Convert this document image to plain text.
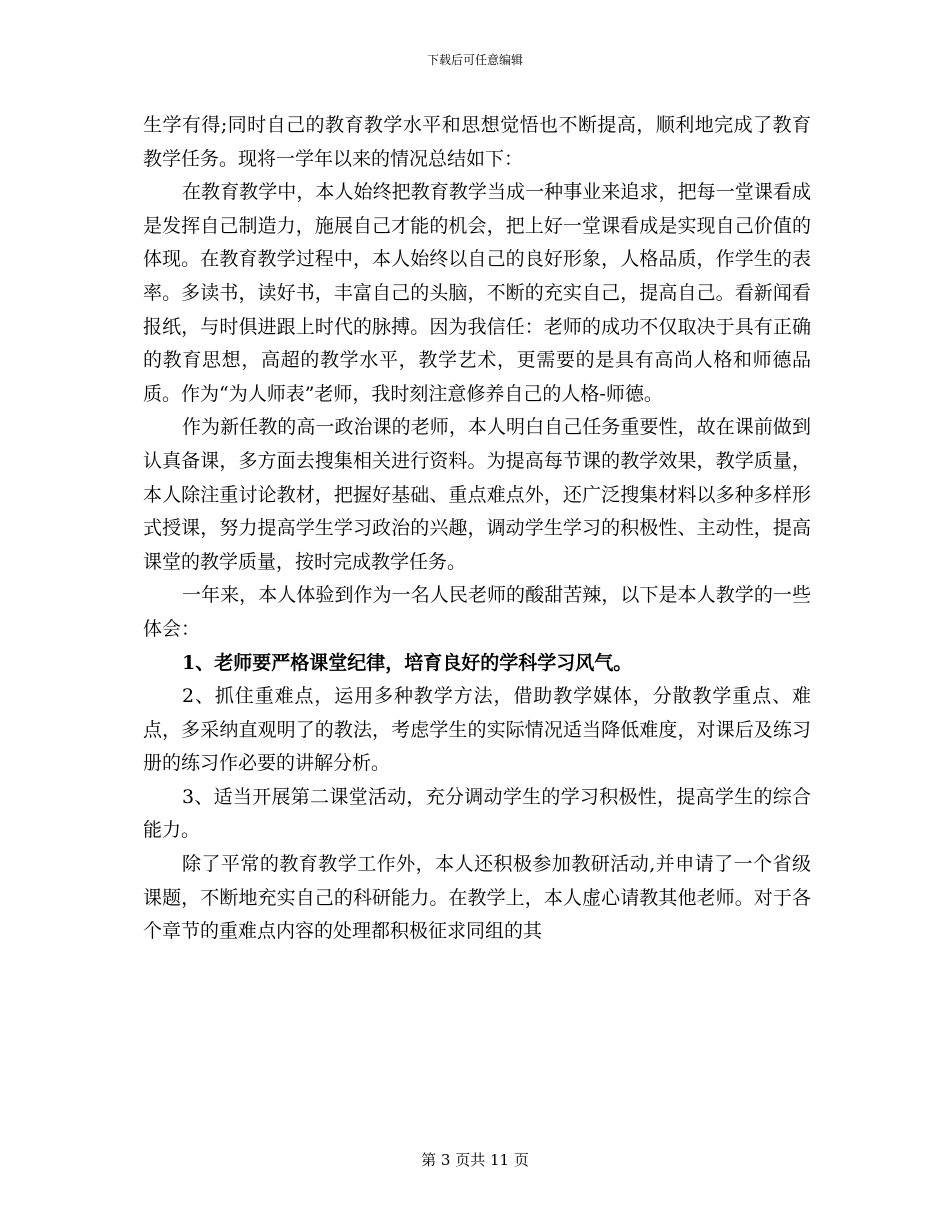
下载后可任意编辑

生学有得;同时自己的教育教学水平和思想觉悟也不断提高，顺利地完成了教育教学任务。现将一学年以来的情况总结如下：

在教育教学中，本人始终把教育教学当成一种事业来追求，把每一堂课看成是发挥自己制造力，施展自己才能的机会，把上好一堂课看成是实现自己价值的体现。在教育教学过程中，本人始终以自己的良好形象，人格品质，作学生的表率。多读书，读好书，丰富自己的头脑，不断的充实自己，提高自己。看新闻看报纸，与时俱进跟上时代的脉搏。因为我信任：老师的成功不仅取决于具有正确的教育思想，高超的教学水平，教学艺术，更需要的是具有高尚人格和师德品质。作为“为人师表”老师，我时刻注意修养自己的人格-师德。

作为新任教的高一政治课的老师，本人明白自己任务重要性，故在课前做到认真备课，多方面去搜集相关进行资料。为提高每节课的教学效果，教学质量，本人除注重讨论教材，把握好基础、重点难点外，还广泛搜集材料以多种多样形式授课，努力提高学生学习政治的兴趣，调动学生学习的积极性、主动性，提高课堂的教学质量，按时完成教学任务。

一年来，本人体验到作为一名人民老师的酸甜苦辣，以下是本人教学的一些体会：

1、老师要严格课堂纪律，培育良好的学科学习风气。

2、抓住重难点，运用多种教学方法，借助教学媒体，分散教学重点、难点，多采纳直观明了的教法，考虑学生的实际情况适当降低难度，对课后及练习册的练习作必要的讲解分析。

3、适当开展第二课堂活动，充分调动学生的学习积极性，提高学生的综合能力。

除了平常的教育教学工作外，本人还积极参加教研活动,并申请了一个省级课题，不断地充实自己的科研能力。在教学上，本人虚心请教其他老师。对于各个章节的重难点内容的处理都积极征求同组的其

第 3 页共 11 页
